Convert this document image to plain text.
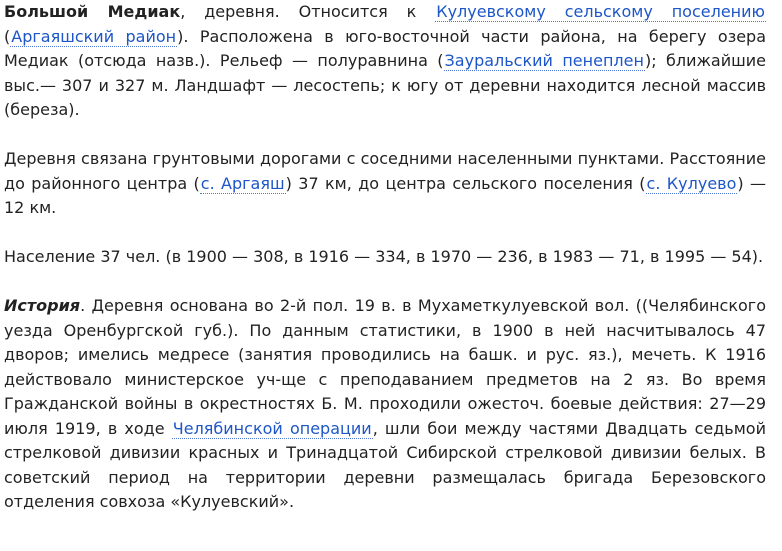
Большой Медиак, деревня. Относится к Кулуевскому сельскому поселению (Аргаяшский район). Расположена в юго-восточной части района, на берегу озера Медиак (отсюда назв.). Рельеф — полуравнина (Зауральский пенеплен); ближайшие выс.— 307 и 327 м. Ландшафт — лесостепь; к югу от деревни находится лесной массив (береза).

Деревня связана грунтовыми дорогами с соседними населенными пунктами. Расстояние до районного центра (с. Аргаяш) 37 км, до центра сельского поселения (с. Кулуево) — 12 км.

Население 37 чел. (в 1900 — 308, в 1916 — 334, в 1970 — 236, в 1983 — 71, в 1995 — 54).

История. Деревня основана во 2-й пол. 19 в. в Мухаметкулуевской вол. ((Челябинского уезда Оренбургской губ.). По данным статистики, в 1900 в ней насчитывалось 47 дворов; имелись медресе (занятия проводились на башк. и рус. яз.), мечеть. К 1916 действовало министерское уч-ще с преподаванием предметов на 2 яз. Во время Гражданской войны в окрестностях Б. М. проходили ожесточ. боевые действия: 27—29 июля 1919, в ходе Челябинской операции, шли бои между частями Двадцать седьмой стрелковой дивизии красных и Тринадцатой Сибирской стрелковой дивизии белых. В советский период на территории деревни размещалась бригада Березовского отделения совхоза «Кулуевский».
